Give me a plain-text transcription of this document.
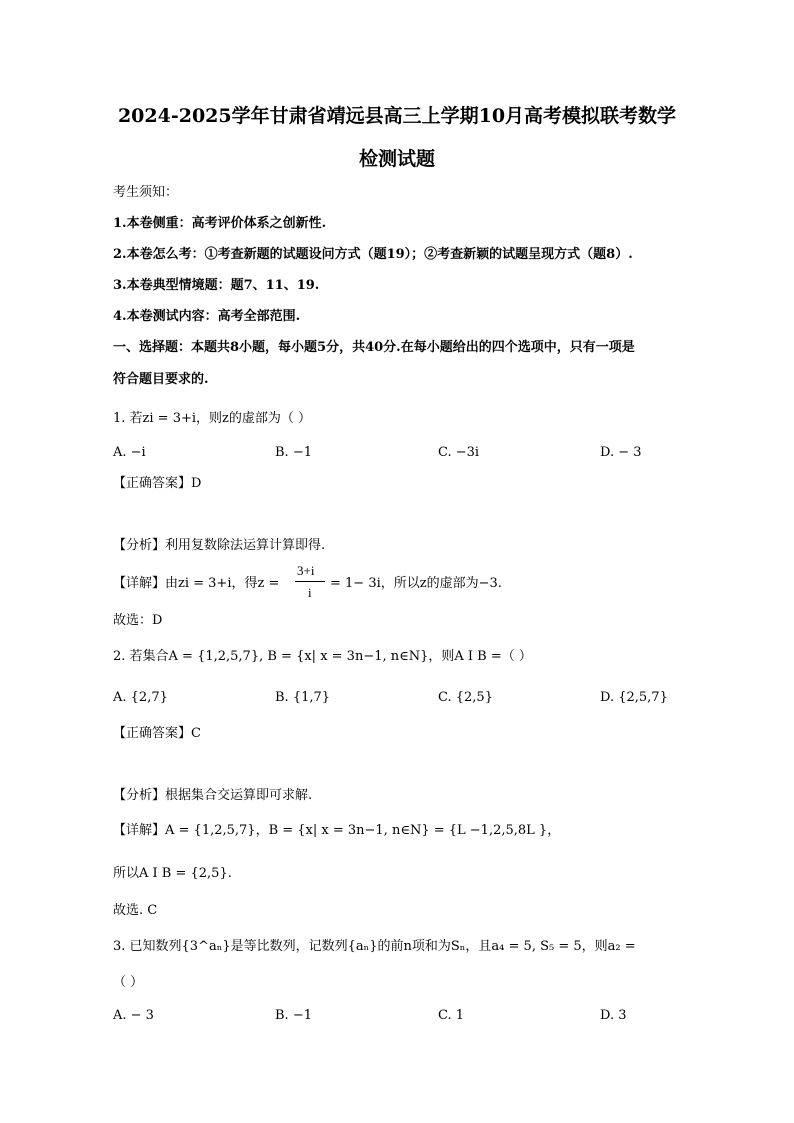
2024-2025学年甘肃省靖远县高三上学期10月高考模拟联考数学
检测试题
考生须知：
1.本卷侧重：高考评价体系之创新性.
2.本卷怎么考：①考查新题的试题设问方式（题19）；②考查新颖的试题呈现方式（题8）.
3.本卷典型情境题：题7、11、19.
4.本卷测试内容：高考全部范围.
一、选择题：本题共8小题，每小题5分，共40分.在每小题给出的四个选项中，只有一项是
符合题目要求的.
1. 若zi = 3+i，则z的虚部为（ ）
A. −i	B. −1	C. −3i	D. − 3
【正确答案】D
【分析】利用复数除法运算计算即得.
【详解】由zi = 3+i，得z =
3+i
i
= 1− 3i，所以z的虚部为−3.
故选：D
2. 若集合A = {1,2,5,7}, B = {x| x = 3n−1, n∈N}，则A I B =（ ）
A. {2,7}	B. {1,7}	C. {2,5}	D. {2,5,7}
【正确答案】C
【分析】根据集合交运算即可求解.
【详解】A = {1,2,5,7}，B = {x| x = 3n−1, n∈N} = {L −1,2,5,8L }，
所以A I B = {2,5}.
故选. C
3. 已知数列{3^aₙ}是等比数列，记数列{aₙ}的前n项和为Sₙ，且a₄ = 5, S₅ = 5，则a₂ =
（ ）
A. − 3	B. −1	C. 1	D. 3
